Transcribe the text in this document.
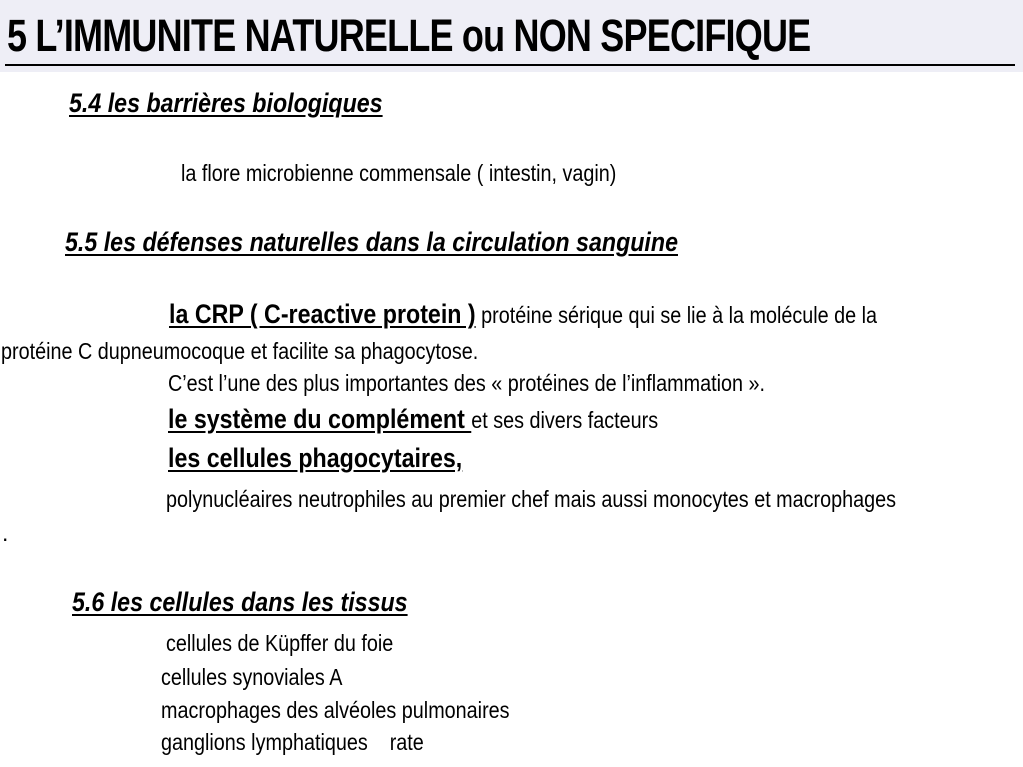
5 L’IMMUNITE NATURELLE ou NON SPECIFIQUE
5.4 les barrières biologiques
la flore microbienne commensale ( intestin, vagin)
5.5 les défenses naturelles dans la circulation sanguine
la CRP ( C-reactive protein ) protéine sérique qui se lie à la molécule de la
protéine C dupneumocoque et facilite sa phagocytose.
C’est l’une des plus importantes des « protéines de l’inflammation ».
le système du complément et ses divers facteurs
les cellules phagocytaires,
polynucléaires neutrophiles au premier chef mais aussi monocytes et macrophages
.
5.6 les cellules dans les tissus
cellules de Küpffer du foie
cellules synoviales A
macrophages des alvéoles pulmonaires
ganglions lymphatiques    rate
